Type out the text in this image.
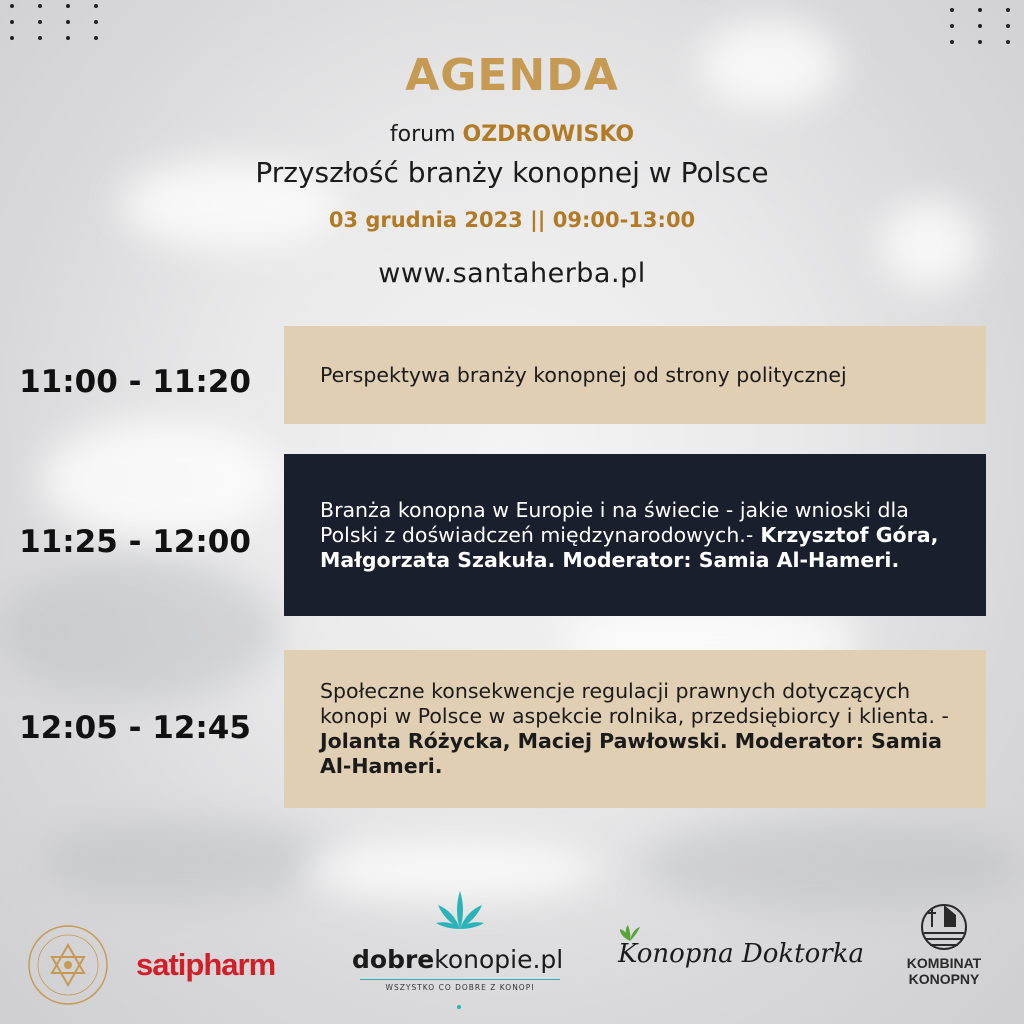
AGENDA
forum OZDROWISKO
Przyszłość branży konopnej w Polsce
03 grudnia 2023 || 09:00-13:00
www.santaherba.pl
11:00 - 11:20	Perspektywa branży konopnej od strony politycznej
11:25 - 12:00
Branża konopna w Europie i na świecie - jakie wnioski dla Polski z doświadczeń międzynarodowych.- Krzysztof Góra, Małgorzata Szakuła. Moderator: Samia Al-Hameri.
12:05 - 12:45
Społeczne konsekwencje regulacji prawnych dotyczących konopi w Polsce w aspekcie rolnika, przedsiębiorcy i klienta. -Jolanta Różycka, Maciej Pawłowski. Moderator: Samia Al-Hameri.
satipharm	dobrekonopie.pl
WSZYSTKO CO DOBRE Z KONOPI
Konopna Doktorka	KOMBINAT
KONOPNY
